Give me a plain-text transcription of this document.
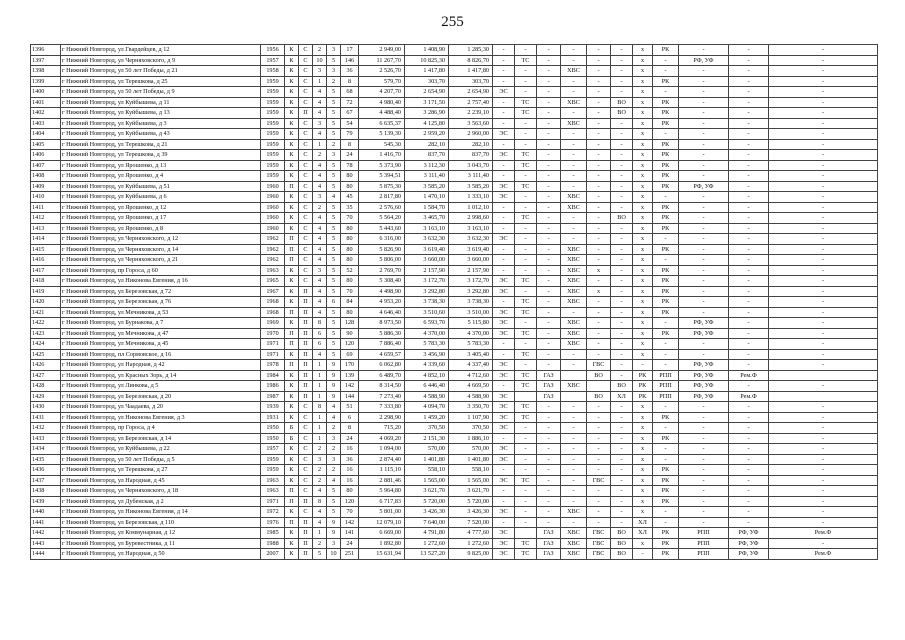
255
1396	г Нижний Новгород, ул Гвардейцев, д 12	1956	К	С	2	3	17	2 949,00	1 408,90	1 285,30	-	-	-	-	-	-	х	РК	-	-	-
1397	г Нижний Новгород, ул Черняховского, д 9	1957	К	С	10	5	146	11 267,70	10 825,30	8 826,70	-	ТС	-	-	-	-	х	-	РФ, УФ	-	-
1398	г Нижний Новгород, ул 50 лет Победы, д 21	1958	К	С	3	3	36	2 526,70	1 417,80	1 417,80	-	-	-	ХВС	-	-	х	-	-	-	-
1399	г Нижний Новгород, ул Терешкова, д 25	1959	К	С	1	2	8	579,70	303,70	303,70	-	-	-	-	-	-	х	РК	-	-	-
1400	г Нижний Новгород, ул 50 лет Победы, д 9	1959	К	С	4	5	68	4 207,70	2 654,90	2 654,90	ЭС	-	-	-	-	-	х	-	-	-	-
1401	г Нижний Новгород, ул Куйбышева, д 11	1959	К	С	4	5	72	4 980,40	3 171,50	2 757,40	-	ТС	-	ХВС	-	ВО	х	РК	-	-	-
1402	г Нижний Новгород, ул Куйбышева, д 13	1959	К	П	4	5	67	4 488,40	3 286,90	2 239,10	-	ТС	-	-	-	ВО	х	РК	-	-	-
1403	г Нижний Новгород, ул Куйбышева, д 3	1959	К	С	3	5	54	6 635,37	4 125,80	3 563,60	-	-	-	ХВС	-	-	х	РК	-	-	-
1404	г Нижний Новгород, ул Куйбышева, д 43	1959	К	С	4	5	79	5 139,30	2 959,20	2 960,00	ЭС	-	-	-	-	-	х	-	-	-	-
1405	г Нижний Новгород, ул Терешкова, д 21	1959	К	С	1	2	8	545,30	282,10	282,10	-	-	-	-	-	-	х	РК	-	-	-
1406	г Нижний Новгород, ул Терешкова, д 39	1959	К	С	2	3	24	1 416,70	837,70	837,70	ЭС	ТС	-	-	-	-	х	РК	-	-	-
1407	г Нижний Новгород, ул Ярошенко, д 13	1959	К	С	4	5	78	5 373,90	3 112,30	3 043,70	-	ТС	-	-	-	-	х	РК	-	-	-
1408	г Нижний Новгород, ул Ярошенко, д 4	1959	К	С	4	5	80	5 394,51	3 111,40	3 111,40	-	-	-	-	-	-	х	РК	-	-	-
1409	г Нижний Новгород, ул Куйбышева, д 51	1960	П	С	4	5	80	5 875,30	3 585,20	3 585,20	ЭС	ТС	-	-	-	-	х	РК	РФ, УФ	-	-
1410	г Нижний Новгород, ул Куйбышева, д 6	1960	К	С	3	4	45	2 817,80	1 470,10	1 333,10	ЭС	-	-	ХВС	-	-	х	-	-	-	-
1411	г Нижний Новгород, ул Ярошенко, д 12	1960	К	С	2	5	35	2 576,60	1 584,70	1 012,10	-	-	-	ХВС	-	-	х	РК	-	-	-
1412	г Нижний Новгород, ул Ярошенко, д 17	1960	К	С	4	5	70	5 564,20	3 465,70	2 998,60	-	ТС	-	-	-	ВО	х	РК	-	-	-
1413	г Нижний Новгород, ул Ярошенко, д 8	1960	К	С	4	5	80	5 443,60	3 163,10	3 163,10	-	-	-	-	-	-	х	РК	-	-	-
1414	г Нижний Новгород, ул Черняховского, д 12	1962	П	С	4	5	80	6 316,00	3 632,30	3 632,30	ЭС	-	-	-	-	-	х	-	-	-	-
1415	г Нижний Новгород, ул Черняховского, д 14	1962	П	С	4	5	80	5 826,90	3 619,40	3 619,40	-	-	-	ХВС	-	-	х	РК	-	-	-
1416	г Нижний Новгород, ул Черняховского, д 21	1962	П	С	4	5	80	5 806,00	3 660,00	3 660,00	-	-	-	ХВС	-	-	х	-	-	-	-
1417	г Нижний Новгород, пр Гороса, д 60	1963	К	С	3	5	52	2 769,70	2 157,90	2 157,90	-	-	-	ХВС	х	-	х	РК	-	-	-
1418	г Нижний Новгород, ул Никонова Евгения, д 16	1965	К	С	4	5	80	5 308,40	3 172,70	3 172,70	ЭС	ТС	-	ХВС	-	-	х	РК	-	-	-
1419	г Нижний Новгород, ул Березовская, д 72	1967	К	П	4	5	70	4 498,90	3 292,80	3 292,80	ЭС	-	-	ХВС	х	-	х	РК	-	-	-
1420	г Нижний Новгород, ул Березовская, д 76	1968	К	П	4	6	84	4 953,20	3 738,30	3 738,30	-	ТС	-	ХВС	-	-	х	РК	-	-	-
1421	г Нижний Новгород, ул Мечникова, д 53	1968	П	П	4	5	80	4 646,40	3 510,60	3 510,00	ЭС	ТС	-	-	-	-	х	РК	-	-	-
1422	г Нижний Новгород, ул Бурнакова, д 7	1969	К	П	8	5	128	8 973,50	6 593,70	5 115,80	ЭС	-	-	ХВС	-	-	х	-	РФ, УФ	-	-
1423	г Нижний Новгород, ул Мечникова, д 47	1970	П	П	6	5	90	5 886,30	4 370,00	4 370,00	ЭС	ТС	-	ХВС	-	-	х	РК	РФ, УФ	-	-
1424	г Нижний Новгород, ул Мечникова, д 45	1971	П	П	6	5	120	7 886,40	5 783,30	5 783,30	-	-	-	ХВС	-	-	х	-	-	-	-
1425	г Нижний Новгород, пл Сормовское, д 16	1971	К	П	4	5	69	4 659,57	3 456,90	3 405,40	-	ТС	-	-	-	-	х	-	-	-	-
1426	г Нижний Новгород, ул Народная, д 42	1978	П	П	1	9	170	6 062,80	4 339,60	4 337,40	ЭС	-	-	-	ГВС	-	-	-	РФ, УФ	-	-
1427	г Нижний Новгород, ул Красных Зорь, д 14	1984	К	П	1	9	139	6 489,70	4 852,10	4 712,60	ЭС	ТС	ГАЗ		ВО	-	РК	РПП	РФ, УФ	Рем.Ф	
1428	г Нижний Новгород, ул Линкова, д 5	1986	К	П	1	9	142	8 314,50	6 446,40	4 669,50	-	ТС	ГАЗ	ХВС		ВО	РК	РПП	РФ, УФ	-	-
1429	г Нижний Новгород, ул Березовская, д 20	1987	К	П	1	9	144	7 273,40	4 588,90	4 588,90	ЭС		ГАЗ		ВО	ХЛ	РК	РПП	РФ, УФ	Рем.Ф	
1430	г Нижний Новгород, ул Чаадаева, д 20	1939	К	С	8	4	51	7 333,80	4 094,70	3 350,70	ЭС	ТС	-	-	-	-	х	-	-	-	-
1431	г Нижний Новгород, ул Никонова Евгения, д 3	1931	К	С	1	4	6	2 298,90	1 459,20	1 107,90	ЭС	ТС	-	-	-	-	х	РК	-	-	-
1432	г Нижний Новгород, пр Гороса, д 4	1950	Б	С	1	2	8	715,20	370,50	370,50	ЭС	-	-	-	-	-	х	-	-	-	-
1433	г Нижний Новгород, ул Березовская, д 14	1950	Б	С	1	3	24	4 069,20	2 151,30	1 886,10	-	-	-	-	-	-	х	РК	-	-	-
1434	г Нижний Новгород, ул Куйбышева, д 22	1957	К	С	2	2	16	1 094,00	570,00	570,00	ЭС	-	-	-	-	-	х	-	-	-	-
1435	г Нижний Новгород, ул 50 лет Победы, д 5	1959	К	С	3	3	36	2 874,40	1 401,80	1 401,80	ЭС	-	-	-	-	-	х	-	-	-	-
1436	г Нижний Новгород, ул Терешкова, д 27	1959	К	С	2	2	16	1 115,10	558,10	558,10	-	-	-	-	-	-	х	РК	-	-	-
1437	г Нижний Новгород, ул Народная, д 45	1963	К	С	2	4	16	2 881,46	1 565,00	1 565,00	ЭС	ТС	-	-	ГВС	-	х	РК	-	-	-
1438	г Нижний Новгород, ул Черняховского, д 18	1963	П	С	4	5	80	5 964,80	3 621,70	3 621,70	-	-	-	-	-	-	х	РК	-	-	-
1439	г Нижний Новгород, ул Дубенская, д 2	1971	П	П	8	5	120	6 717,83	5 720,00	5 720,00	-	-	-	-	-	-	х	РК	-	-	-
1440	г Нижний Новгород, ул Никонова Евгения, д 14	1972	К	С	4	5	70	5 801,00	3 426,30	3 426,30	ЭС	-	-	ХВС	-	-	х	-	-	-	-
1441	г Нижний Новгород, ул Березовская, д 110	1976	П	П	4	9	142	12 079,10	7 640,00	7 520,00	-	-	-	-	-	-	ХЛ	-	-	-	-
1442	г Нижний Новгород, ул Коммунарная, д 12	1985	К	П	1	9	141	6 669,00	4 791,80	4 777,60	ЭС		ГАЗ	ХВС	ГВС	ВО	ХЛ	РК	РПП	РФ, УФ	Рем.Ф
1443	г Нижний Новгород, ул Буревестника, д 11	1988	К	П	2	3	24	1 892,80	1 272,60	1 272,60	ЭС	ТС	ГАЗ	ХВС	ГВС	ВО	х	РК	РПП	РФ, УФ	-
1444	г Нижний Новгород, ул Народная, д 50	2007	К	П	5	10	251	15 631,94	13 527,20	9 825,00	ЭС	ТС	ГАЗ	ХВС	ГВС	ВО	-	РК	РПП	РФ, УФ	Рем.Ф
